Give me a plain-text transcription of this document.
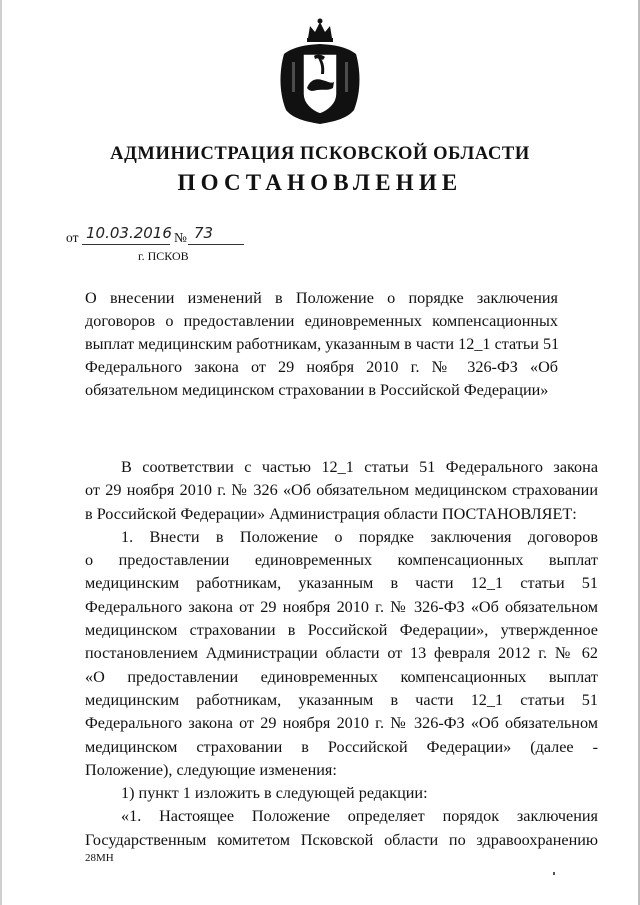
АДМИНИСТРАЦИЯ ПСКОВСКОЙ ОБЛАСТИ
ПОСТАНОВЛЕНИЕ
от 10.03.2016 № 73
г. ПСКОВ
О внесении изменений в Положение о порядке заключения
договоров о предоставлении единовременных компенсационных
выплат медицинским работникам, указанным в части 12_1 статьи 51
Федерального закона от 29 ноября 2010 г. № 326-ФЗ «Об
обязательном медицинском страховании в Российской Федерации»
В соответствии с частью 12_1 статьи 51 Федерального закона
от 29 ноября 2010 г. № 326 «Об обязательном медицинском страховании
в Российской Федерации» Администрация области ПОСТАНОВЛЯЕТ:
1. Внести в Положение о порядке заключения договоров
о предоставлении единовременных компенсационных выплат
медицинским работникам, указанным в части 12_1 статьи 51
Федерального закона от 29 ноября 2010 г. № 326-ФЗ «Об обязательном
медицинском страховании в Российской Федерации», утвержденное
постановлением Администрации области от 13 февраля 2012 г. № 62
«О предоставлении единовременных компенсационных выплат
медицинским работникам, указанным в части 12_1 статьи 51
Федерального закона от 29 ноября 2010 г. № 326-ФЗ «Об обязательном
медицинском страховании в Российской Федерации» (далее -
Положение), следующие изменения:
1) пункт 1 изложить в следующей редакции:
«1. Настоящее Положение определяет порядок заключения
Государственным комитетом Псковской области по здравоохранению
28МН
